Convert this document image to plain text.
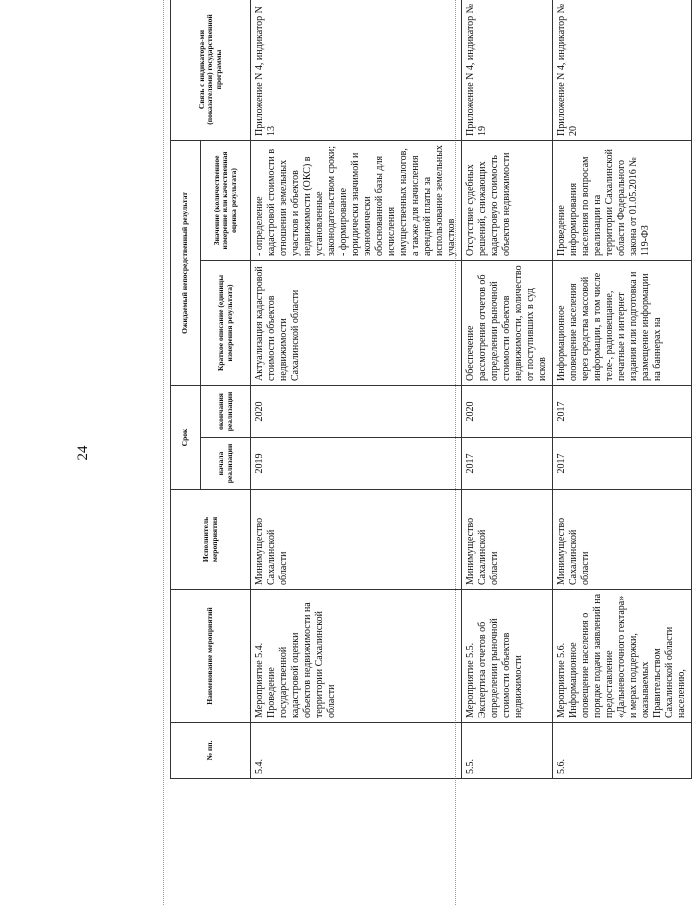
24
№ пп.	Наименование мероприятий	Исполнитель мероприятия	Срок		Ожидаемый непосредственный результат		Связь с индикатора-ми (показателями) государственной программы
			начала реализации	окончания реализации	Краткое описание (единицы измерения результата)	Значение (количественное измерение или качественная оценка результата)	
5.4.	Мероприятие 5.4. Проведение государственной кадастровой оценки объектов недвижимости на территории Сахалинской области	Минимущество Сахалинской области	2019	2020	Актуализация кадастровой стоимости объектов недвижимости Сахалинской области	- определение кадастровой стоимости в отношении земельных участков и объектов недвижимости (ОКС) в установленные законодательством сроки; - формирование юридически значимой и экономически обоснованной базы для исчисления имущественных налогов, а также для начисления арендной платы за использование земельных участков	Приложение N 4, индикатор N 13
5.5.	Мероприятие 5.5. Экспертиза отчетов об определении рыночной стоимости объектов недвижимости	Минимущество Сахалинской области	2017	2020	Обеспечение рассмотрения отчетов об определении рыночной стоимости объектов недвижимости, количество от поступивших в суд исков	Отсутствие судебных решений, снижающих кадастровую стоимость объектов недвижимости	Приложение N 4, индикатор № 19
5.6.	Мероприятие 5.6. Информационное оповещение населения о порядке подачи заявлений на предоставление «Дальневосточного гектара» и мерах поддержки, оказываемых Правительством Сахалинской области населению,	Минимущество Сахалинской области	2017	2017	Информационное оповещение населения через средства массовой информации, в том числе теле-, радиовещание, печатные и интернет издания или подготовка и размещение информации на баннерах на	Проведение информирования населения по вопросам реализации на территории Сахалинской области Федерального закона от 01.05.2016 № 119-ФЗ	Приложение N 4, индикатор № 20
